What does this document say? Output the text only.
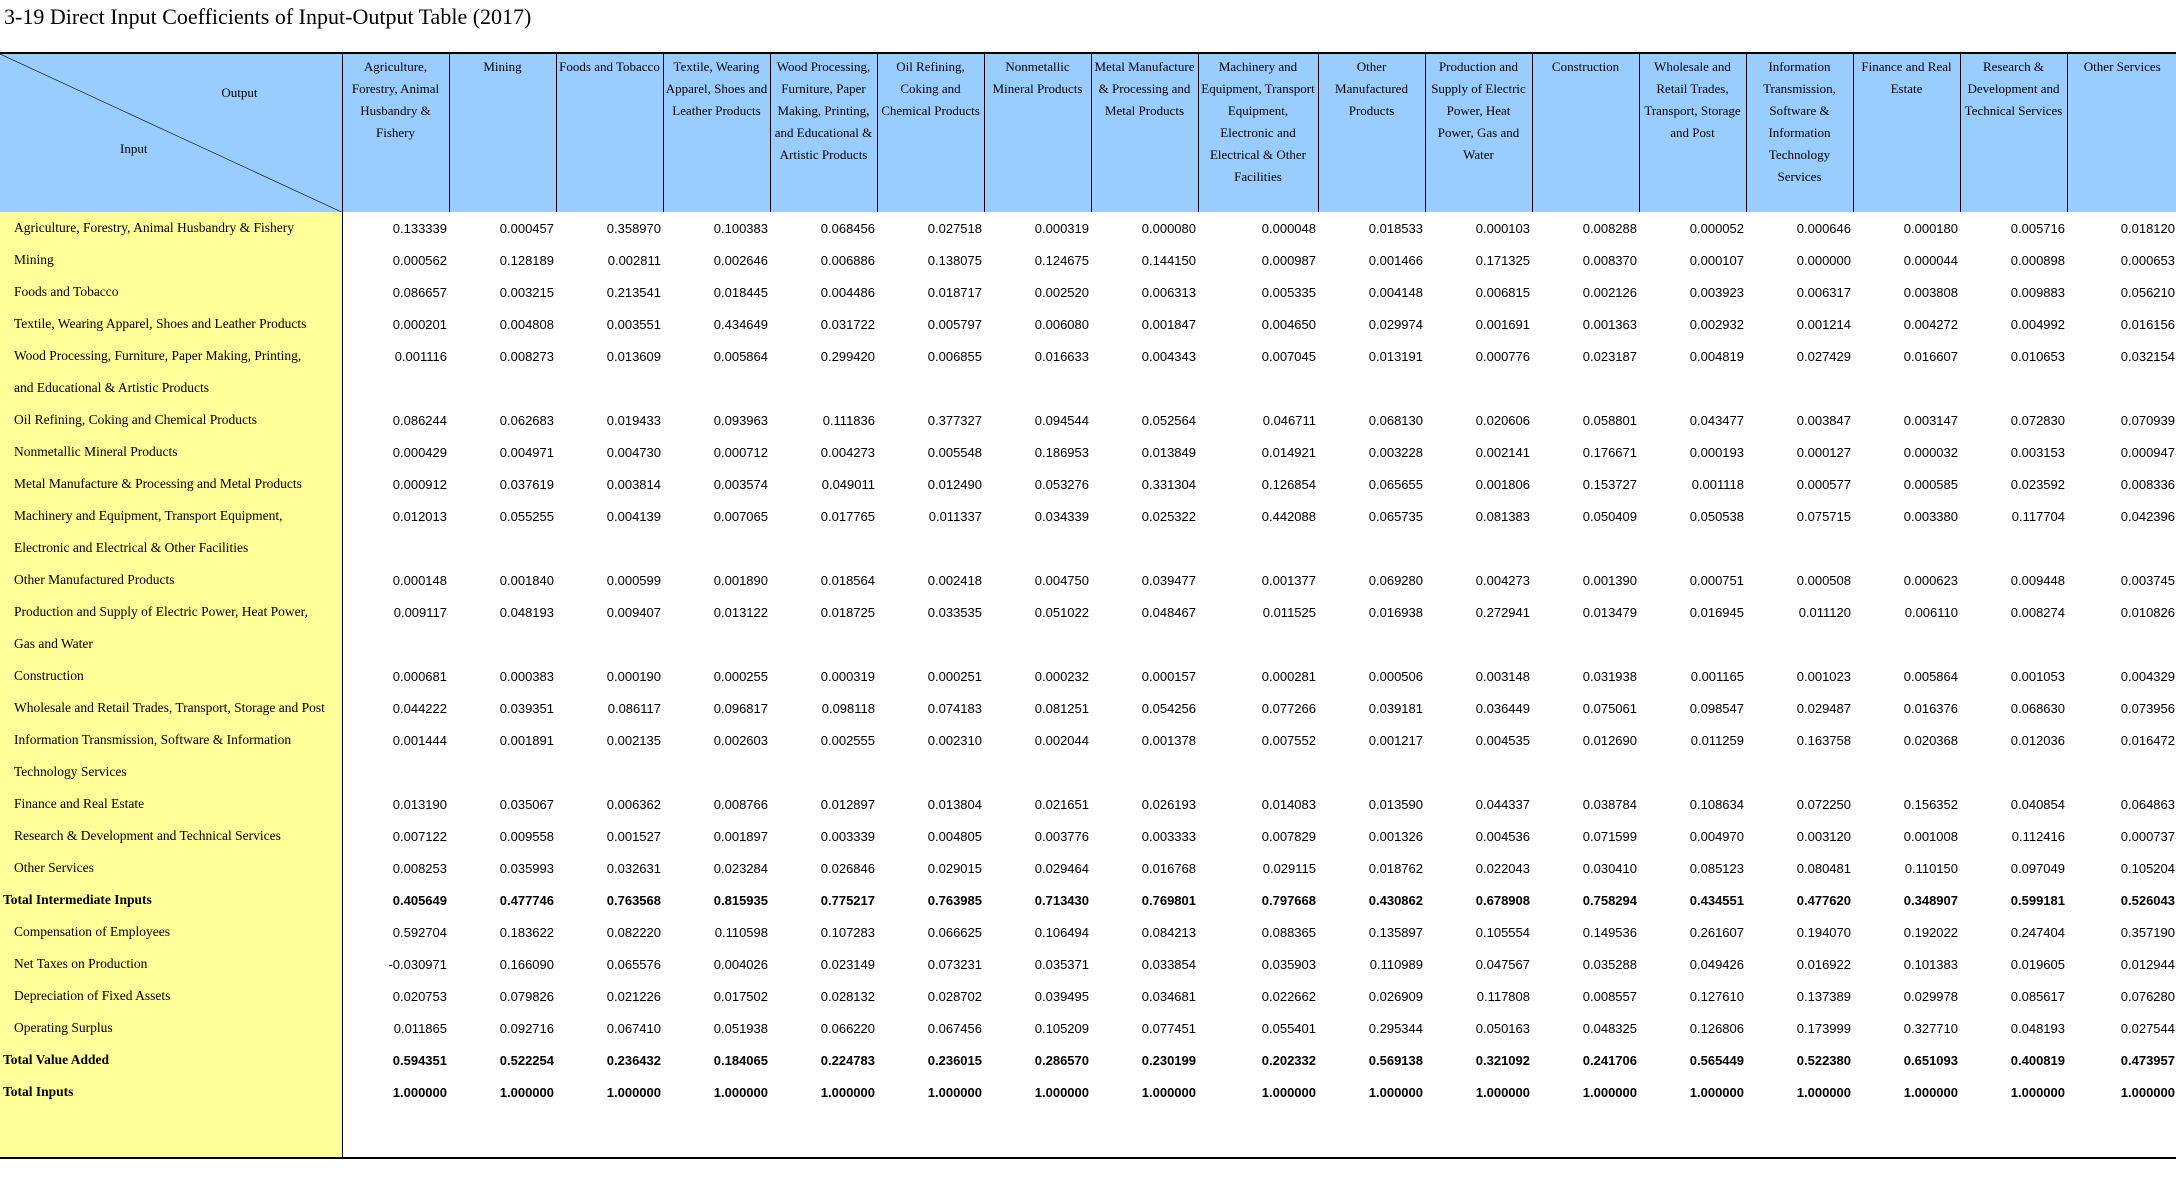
3-19 Direct Input Coefficients of Input-Output Table (2017)
Output
Input	Agriculture, Forestry, Animal Husbandry & Fishery	Mining	Foods and Tobacco	Textile, Wearing Apparel, Shoes and Leather Products	Wood Processing, Furniture, Paper Making, Printing, and Educational & Artistic Products	Oil Refining, Coking and Chemical Products	Nonmetallic Mineral Products	Metal Manufacture & Processing and Metal Products	Machinery and Equipment, Transport Equipment, Electronic and Electrical & Other Facilities	Other Manufactured Products	Production and Supply of Electric Power, Heat Power, Gas and Water	Construction	Wholesale and Retail Trades, Transport, Storage and Post	Information Transmission, Software & Information Technology Services	Finance and Real Estate	Research & Development and Technical Services	Other Services
Agriculture, Forestry, Animal Husbandry & Fishery	0.133339	0.000457	0.358970	0.100383	0.068456	0.027518	0.000319	0.000080	0.000048	0.018533	0.000103	0.008288	0.000052	0.000646	0.000180	0.005716	0.018120
Mining	0.000562	0.128189	0.002811	0.002646	0.006886	0.138075	0.124675	0.144150	0.000987	0.001466	0.171325	0.008370	0.000107	0.000000	0.000044	0.000898	0.000653
Foods and Tobacco	0.086657	0.003215	0.213541	0.018445	0.004486	0.018717	0.002520	0.006313	0.005335	0.004148	0.006815	0.002126	0.003923	0.006317	0.003808	0.009883	0.056210
Textile, Wearing Apparel, Shoes and Leather Products	0.000201	0.004808	0.003551	0.434649	0.031722	0.005797	0.006080	0.001847	0.004650	0.029974	0.001691	0.001363	0.002932	0.001214	0.004272	0.004992	0.016156
Wood Processing, Furniture, Paper Making, Printing,	0.001116	0.008273	0.013609	0.005864	0.299420	0.006855	0.016633	0.004343	0.007045	0.013191	0.000776	0.023187	0.004819	0.027429	0.016607	0.010653	0.032154
and Educational & Artistic Products																	
Oil Refining, Coking and Chemical Products	0.086244	0.062683	0.019433	0.093963	0.111836	0.377327	0.094544	0.052564	0.046711	0.068130	0.020606	0.058801	0.043477	0.003847	0.003147	0.072830	0.070939
Nonmetallic Mineral Products	0.000429	0.004971	0.004730	0.000712	0.004273	0.005548	0.186953	0.013849	0.014921	0.003228	0.002141	0.176671	0.000193	0.000127	0.000032	0.003153	0.000947
Metal Manufacture & Processing and Metal Products	0.000912	0.037619	0.003814	0.003574	0.049011	0.012490	0.053276	0.331304	0.126854	0.065655	0.001806	0.153727	0.001118	0.000577	0.000585	0.023592	0.008336
Machinery and Equipment, Transport Equipment,	0.012013	0.055255	0.004139	0.007065	0.017765	0.011337	0.034339	0.025322	0.442088	0.065735	0.081383	0.050409	0.050538	0.075715	0.003380	0.117704	0.042396
Electronic and Electrical & Other Facilities																	
Other Manufactured Products	0.000148	0.001840	0.000599	0.001890	0.018564	0.002418	0.004750	0.039477	0.001377	0.069280	0.004273	0.001390	0.000751	0.000508	0.000623	0.009448	0.003745
Production and Supply of Electric Power, Heat Power,	0.009117	0.048193	0.009407	0.013122	0.018725	0.033535	0.051022	0.048467	0.011525	0.016938	0.272941	0.013479	0.016945	0.011120	0.006110	0.008274	0.010826
Gas and Water																	
Construction	0.000681	0.000383	0.000190	0.000255	0.000319	0.000251	0.000232	0.000157	0.000281	0.000506	0.003148	0.031938	0.001165	0.001023	0.005864	0.001053	0.004329
Wholesale and Retail Trades, Transport, Storage and Post	0.044222	0.039351	0.086117	0.096817	0.098118	0.074183	0.081251	0.054256	0.077266	0.039181	0.036449	0.075061	0.098547	0.029487	0.016376	0.068630	0.073956
Information Transmission, Software & Information	0.001444	0.001891	0.002135	0.002603	0.002555	0.002310	0.002044	0.001378	0.007552	0.001217	0.004535	0.012690	0.011259	0.163758	0.020368	0.012036	0.016472
Technology Services																	
Finance and Real Estate	0.013190	0.035067	0.006362	0.008766	0.012897	0.013804	0.021651	0.026193	0.014083	0.013590	0.044337	0.038784	0.108634	0.072250	0.156352	0.040854	0.064863
Research & Development and Technical Services	0.007122	0.009558	0.001527	0.001897	0.003339	0.004805	0.003776	0.003333	0.007829	0.001326	0.004536	0.071599	0.004970	0.003120	0.001008	0.112416	0.000737
Other Services	0.008253	0.035993	0.032631	0.023284	0.026846	0.029015	0.029464	0.016768	0.029115	0.018762	0.022043	0.030410	0.085123	0.080481	0.110150	0.097049	0.105204
Total Intermediate Inputs	0.405649	0.477746	0.763568	0.815935	0.775217	0.763985	0.713430	0.769801	0.797668	0.430862	0.678908	0.758294	0.434551	0.477620	0.348907	0.599181	0.526043
Compensation of Employees	0.592704	0.183622	0.082220	0.110598	0.107283	0.066625	0.106494	0.084213	0.088365	0.135897	0.105554	0.149536	0.261607	0.194070	0.192022	0.247404	0.357190
Net Taxes on Production	-0.030971	0.166090	0.065576	0.004026	0.023149	0.073231	0.035371	0.033854	0.035903	0.110989	0.047567	0.035288	0.049426	0.016922	0.101383	0.019605	0.012944
Depreciation of Fixed Assets	0.020753	0.079826	0.021226	0.017502	0.028132	0.028702	0.039495	0.034681	0.022662	0.026909	0.117808	0.008557	0.127610	0.137389	0.029978	0.085617	0.076280
Operating Surplus	0.011865	0.092716	0.067410	0.051938	0.066220	0.067456	0.105209	0.077451	0.055401	0.295344	0.050163	0.048325	0.126806	0.173999	0.327710	0.048193	0.027544
Total Value Added	0.594351	0.522254	0.236432	0.184065	0.224783	0.236015	0.286570	0.230199	0.202332	0.569138	0.321092	0.241706	0.565449	0.522380	0.651093	0.400819	0.473957
Total Inputs	1.000000	1.000000	1.000000	1.000000	1.000000	1.000000	1.000000	1.000000	1.000000	1.000000	1.000000	1.000000	1.000000	1.000000	1.000000	1.000000	1.000000
